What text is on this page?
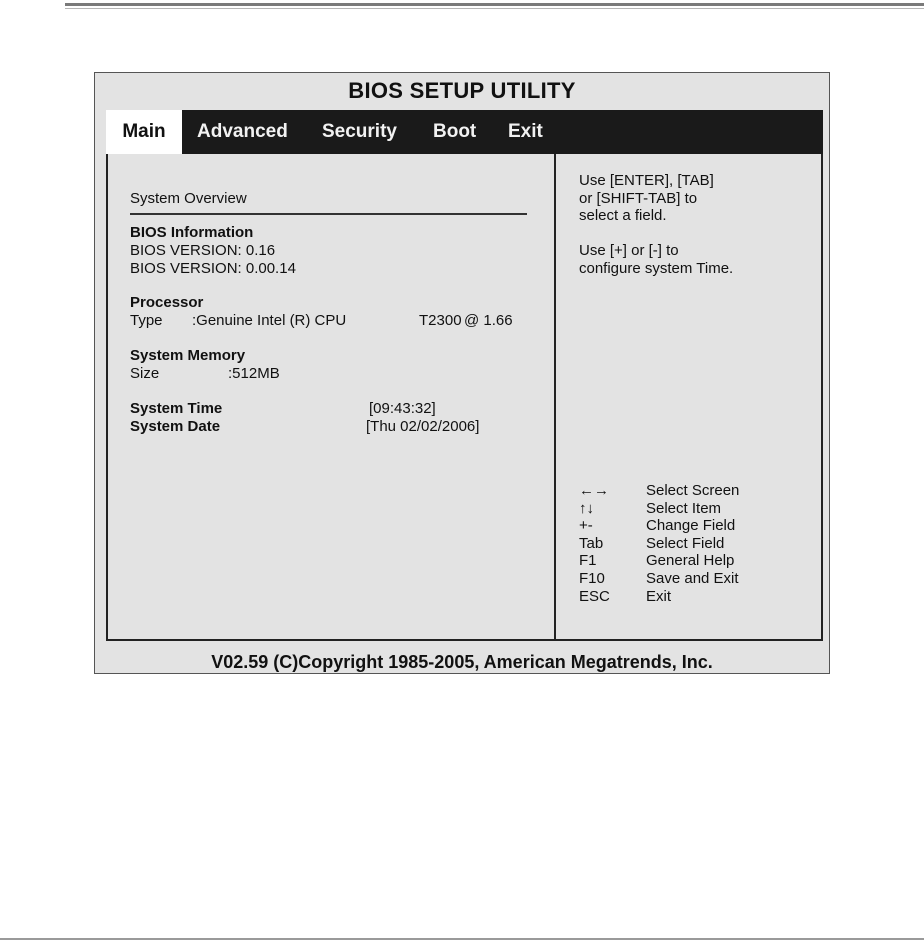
BIOS SETUP UTILITY
Main	Advanced Security Boot Exit
System Overview
BIOS Information
BIOS VERSION: 0.16
BIOS VERSION: 0.00.14
Processor
Type :Genuine Intel (R) CPU	T2300 @ 1.66
System Memory
Size	:512MB
System Time	[09:43:32]
System Date	[Thu 02/02/2006]
Use [ENTER], [TAB]
or [SHIFT-TAB] to
select a field.
Use [+] or [-] to
configure system Time.
←→ Select Screen
↑↓	Select Item
+-	Change Field
Tab	Select Field
F1	General Help
F10	Save and Exit
ESC Exit
V02.59 (C)Copyright 1985-2005, American Megatrends, Inc.
